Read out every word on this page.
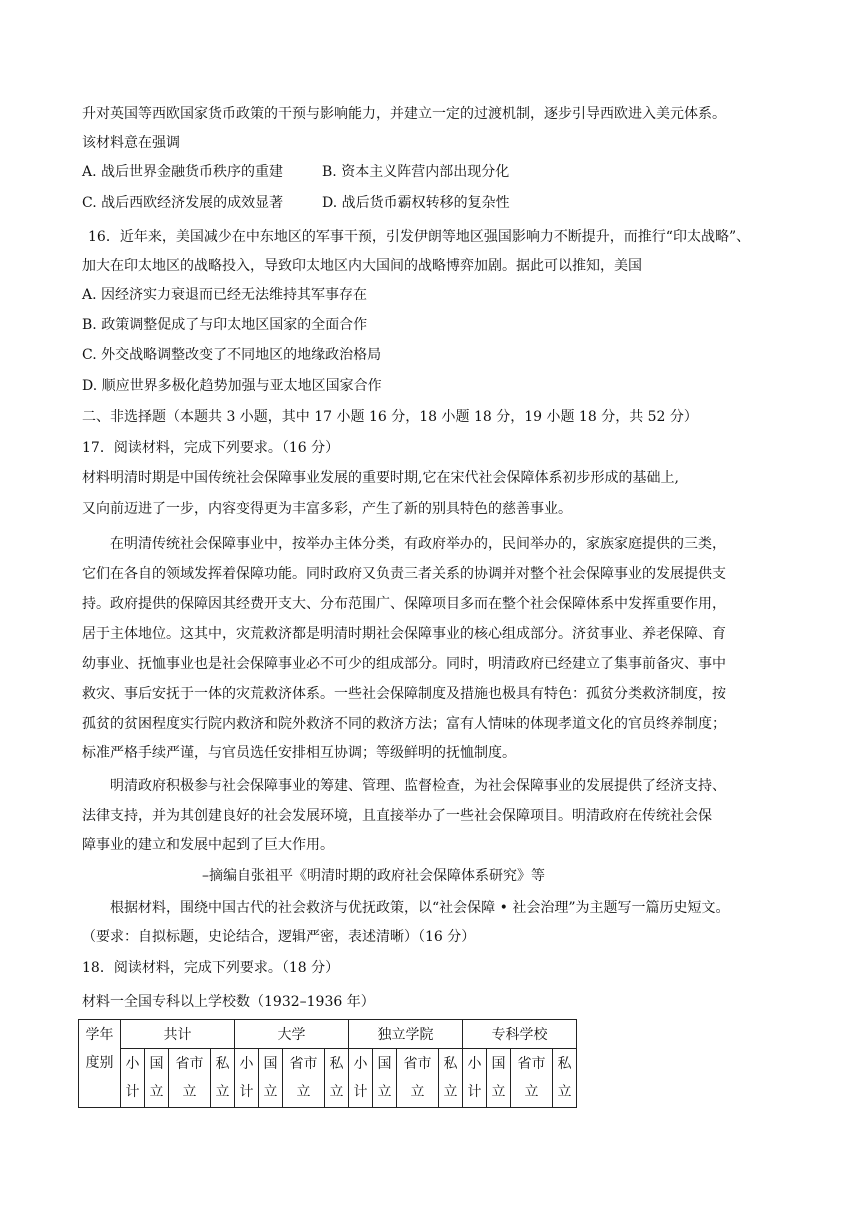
升对英国等西欧国家货币政策的干预与影响能力，并建立一定的过渡机制，逐步引导西欧进入美元体系。
该材料意在强调
A. 战后世界金融货币秩序的重建	B. 资本主义阵营内部出现分化
C. 战后西欧经济发展的成效显著	D. 战后货币霸权转移的复杂性
16．近年来，美国减少在中东地区的军事干预，引发伊朗等地区强国影响力不断提升，而推行“印太战略”、
加大在印太地区的战略投入，导致印太地区内大国间的战略博弈加剧。据此可以推知，美国
A. 因经济实力衰退而已经无法维持其军事存在
B. 政策调整促成了与印太地区国家的全面合作
C. 外交战略调整改变了不同地区的地缘政治格局
D. 顺应世界多极化趋势加强与亚太地区国家合作
二、非选择题（本题共 3 小题，其中 17 小题 16 分，18 小题 18 分，19 小题 18 分，共 52 分）
17．阅读材料，完成下列要求。（16 分）
材料明清时期是中国传统社会保障事业发展的重要时期,它在宋代社会保障体系初步形成的基础上,
又向前迈进了一步，内容变得更为丰富多彩，产生了新的别具特色的慈善事业。
在明清传统社会保障事业中，按举办主体分类，有政府举办的，民间举办的，家族家庭提供的三类，
它们在各自的领域发挥着保障功能。同时政府又负责三者关系的协调并对整个社会保障事业的发展提供支
持。政府提供的保障因其经费开支大、分布范围广、保障项目多而在整个社会保障体系中发挥重要作用，
居于主体地位。这其中，灾荒救济都是明清时期社会保障事业的核心组成部分。济贫事业、养老保障、育
幼事业、抚恤事业也是社会保障事业必不可少的组成部分。同时，明清政府已经建立了集事前备灾、事中
救灾、事后安抚于一体的灾荒救济体系。一些社会保障制度及措施也极具有特色：孤贫分类救济制度，按
孤贫的贫困程度实行院内救济和院外救济不同的救济方法；富有人情味的体现孝道文化的官员终养制度；
标准严格手续严谨，与官员选任安排相互协调；等级鲜明的抚恤制度。
明清政府积极参与社会保障事业的筹建、管理、监督检查，为社会保障事业的发展提供了经济支持、
法律支持，并为其创建良好的社会发展环境，且直接举办了一些社会保障项目。明清政府在传统社会保
障事业的建立和发展中起到了巨大作用。
–摘编自张祖平《明清时期的政府社会保障体系研究》等
根据材料，围绕中国古代的社会救济与优抚政策，以“社会保障 • 社会治理”为主题写一篇历史短文。
（要求：自拟标题，史论结合，逻辑严密，表述清晰）（16 分）
18．阅读材料，完成下列要求。（18 分）
材料一全国专科以上学校数（1932–1936 年）
学年度别	共计				大学				独立学院				专科学校			
	小计	国立	省市立	私立	小计	国立	省市立	私立	小计	国立	省市立	私立	小计	国立	省市立	私立
